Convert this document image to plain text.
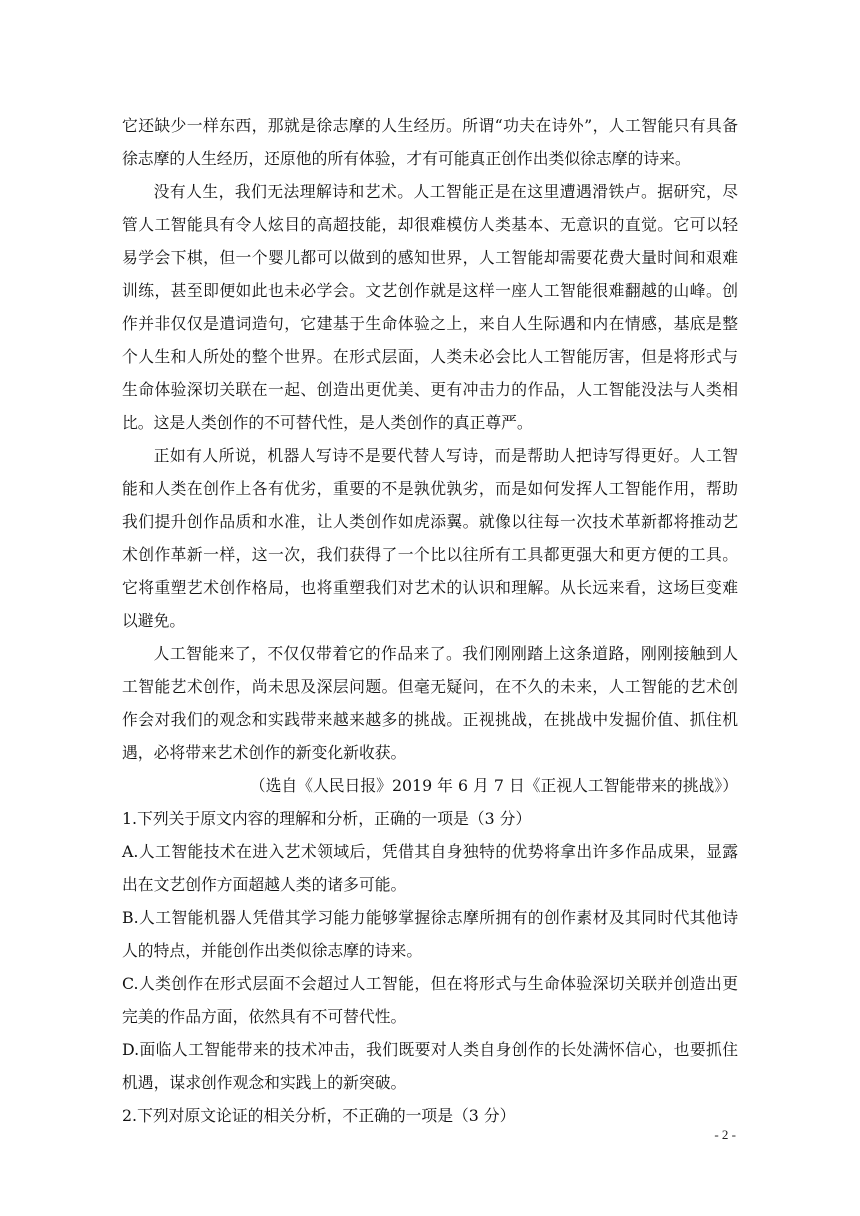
它还缺少一样东西，那就是徐志摩的人生经历。所谓“功夫在诗外”，人工智能只有具备徐志摩的人生经历，还原他的所有体验，才有可能真正创作出类似徐志摩的诗来。

没有人生，我们无法理解诗和艺术。人工智能正是在这里遭遇滑铁卢。据研究，尽管人工智能具有令人炫目的高超技能，却很难模仿人类基本、无意识的直觉。它可以轻易学会下棋，但一个婴儿都可以做到的感知世界，人工智能却需要花费大量时间和艰难训练，甚至即便如此也未必学会。文艺创作就是这样一座人工智能很难翻越的山峰。创作并非仅仅是遣词造句，它建基于生命体验之上，来自人生际遇和内在情感，基底是整个人生和人所处的整个世界。在形式层面，人类未必会比人工智能厉害，但是将形式与生命体验深切关联在一起、创造出更优美、更有冲击力的作品，人工智能没法与人类相比。这是人类创作的不可替代性，是人类创作的真正尊严。

正如有人所说，机器人写诗不是要代替人写诗，而是帮助人把诗写得更好。人工智能和人类在创作上各有优劣，重要的不是孰优孰劣，而是如何发挥人工智能作用，帮助我们提升创作品质和水准，让人类创作如虎添翼。就像以往每一次技术革新都将推动艺术创作革新一样，这一次，我们获得了一个比以往所有工具都更强大和更方便的工具。它将重塑艺术创作格局，也将重塑我们对艺术的认识和理解。从长远来看，这场巨变难以避免。

人工智能来了，不仅仅带着它的作品来了。我们刚刚踏上这条道路，刚刚接触到人工智能艺术创作，尚未思及深层问题。但毫无疑问，在不久的未来，人工智能的艺术创作会对我们的观念和实践带来越来越多的挑战。正视挑战，在挑战中发掘价值、抓住机遇，必将带来艺术创作的新变化新收获。

（选自《人民日报》2019 年 6 月 7 日《正视人工智能带来的挑战》）

1.下列关于原文内容的理解和分析，正确的一项是（3 分）

A.人工智能技术在进入艺术领域后，凭借其自身独特的优势将拿出许多作品成果，显露出在文艺创作方面超越人类的诸多可能。

B.人工智能机器人凭借其学习能力能够掌握徐志摩所拥有的创作素材及其同时代其他诗人的特点，并能创作出类似徐志摩的诗来。

C.人类创作在形式层面不会超过人工智能，但在将形式与生命体验深切关联并创造出更完美的作品方面，依然具有不可替代性。

D.面临人工智能带来的技术冲击，我们既要对人类自身创作的长处满怀信心，也要抓住机遇，谋求创作观念和实践上的新突破。

2.下列对原文论证的相关分析，不正确的一项是（3 分）

- 2 -
